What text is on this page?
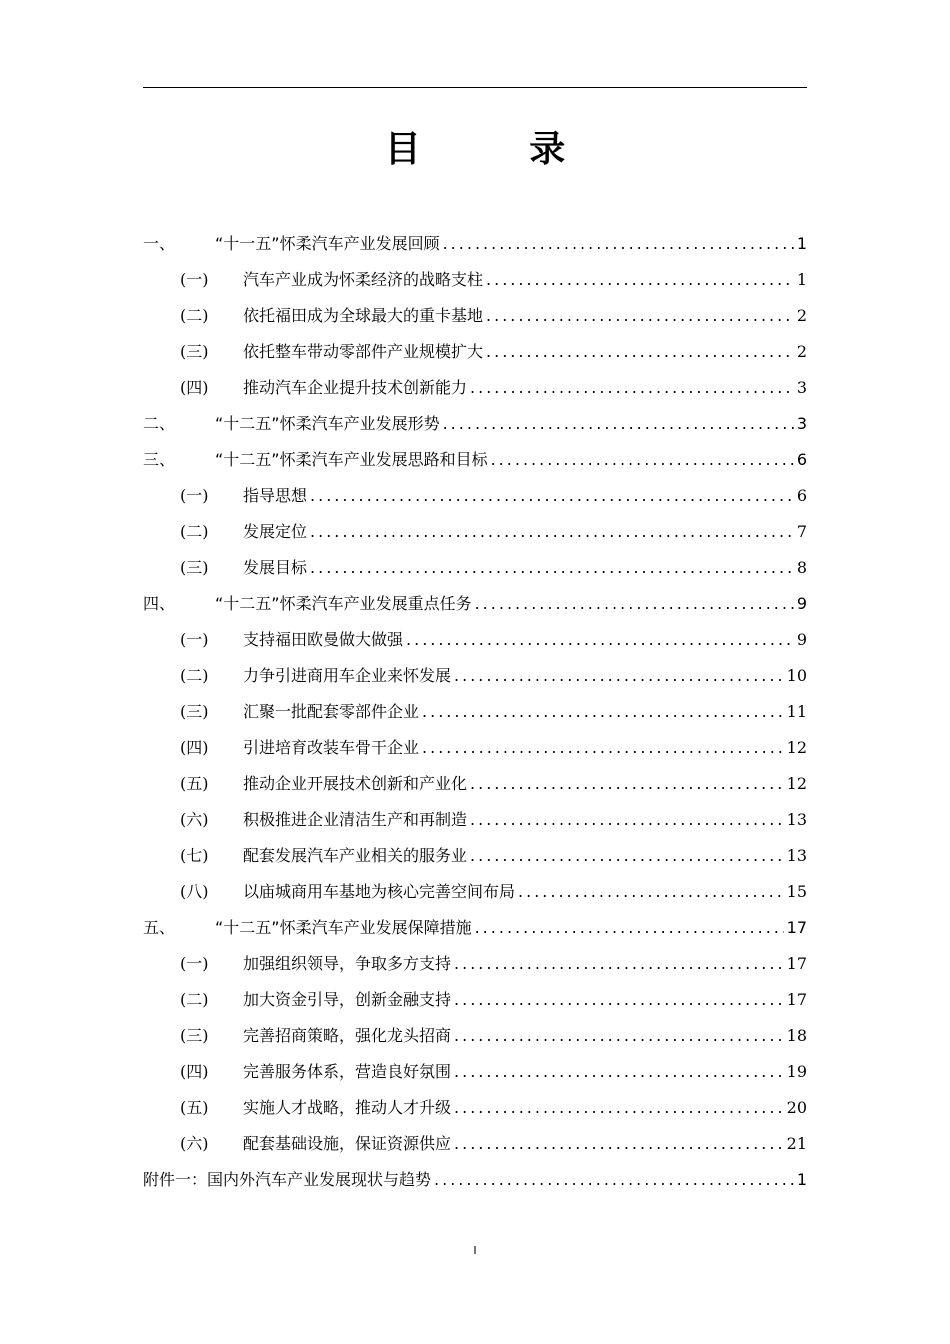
目 录
一、	“十一五”怀柔汽车产业发展回顾 .....	1
(一)	汽车产业成为怀柔经济的战略支柱 .....	1
(二)	依托福田成为全球最大的重卡基地 .....	2
(三)	依托整车带动零部件产业规模扩大 .....	2
(四)	推动汽车企业提升技术创新能力 .....	3
二、	“十二五”怀柔汽车产业发展形势 .....	3
三、	“十二五”怀柔汽车产业发展思路和目标 .....	6
(一)	指导思想 .....	6
(二)	发展定位 .....	7
(三)	发展目标 .....	8
四、	“十二五”怀柔汽车产业发展重点任务 .....	9
(一)	支持福田欧曼做大做强 .....	9
(二)	力争引进商用车企业来怀发展 .....	10
(三)	汇聚一批配套零部件企业 .....	11
(四)	引进培育改装车骨干企业 .....	12
(五)	推动企业开展技术创新和产业化 .....	12
(六)	积极推进企业清洁生产和再制造 .....	13
(七)	配套发展汽车产业相关的服务业 .....	13
(八)	以庙城商用车基地为核心完善空间布局 .....	15
五、	“十二五”怀柔汽车产业发展保障措施 .....	17
(一)	加强组织领导，争取多方支持 .....	17
(二)	加大资金引导，创新金融支持 .....	17
(三)	完善招商策略，强化龙头招商 .....	18
(四)	完善服务体系，营造良好氛围 .....	19
(五)	实施人才战略，推动人才升级 .....	20
(六)	配套基础设施，保证资源供应 .....	21
附件一：国内外汽车产业发展现状与趋势 .....	1
I
